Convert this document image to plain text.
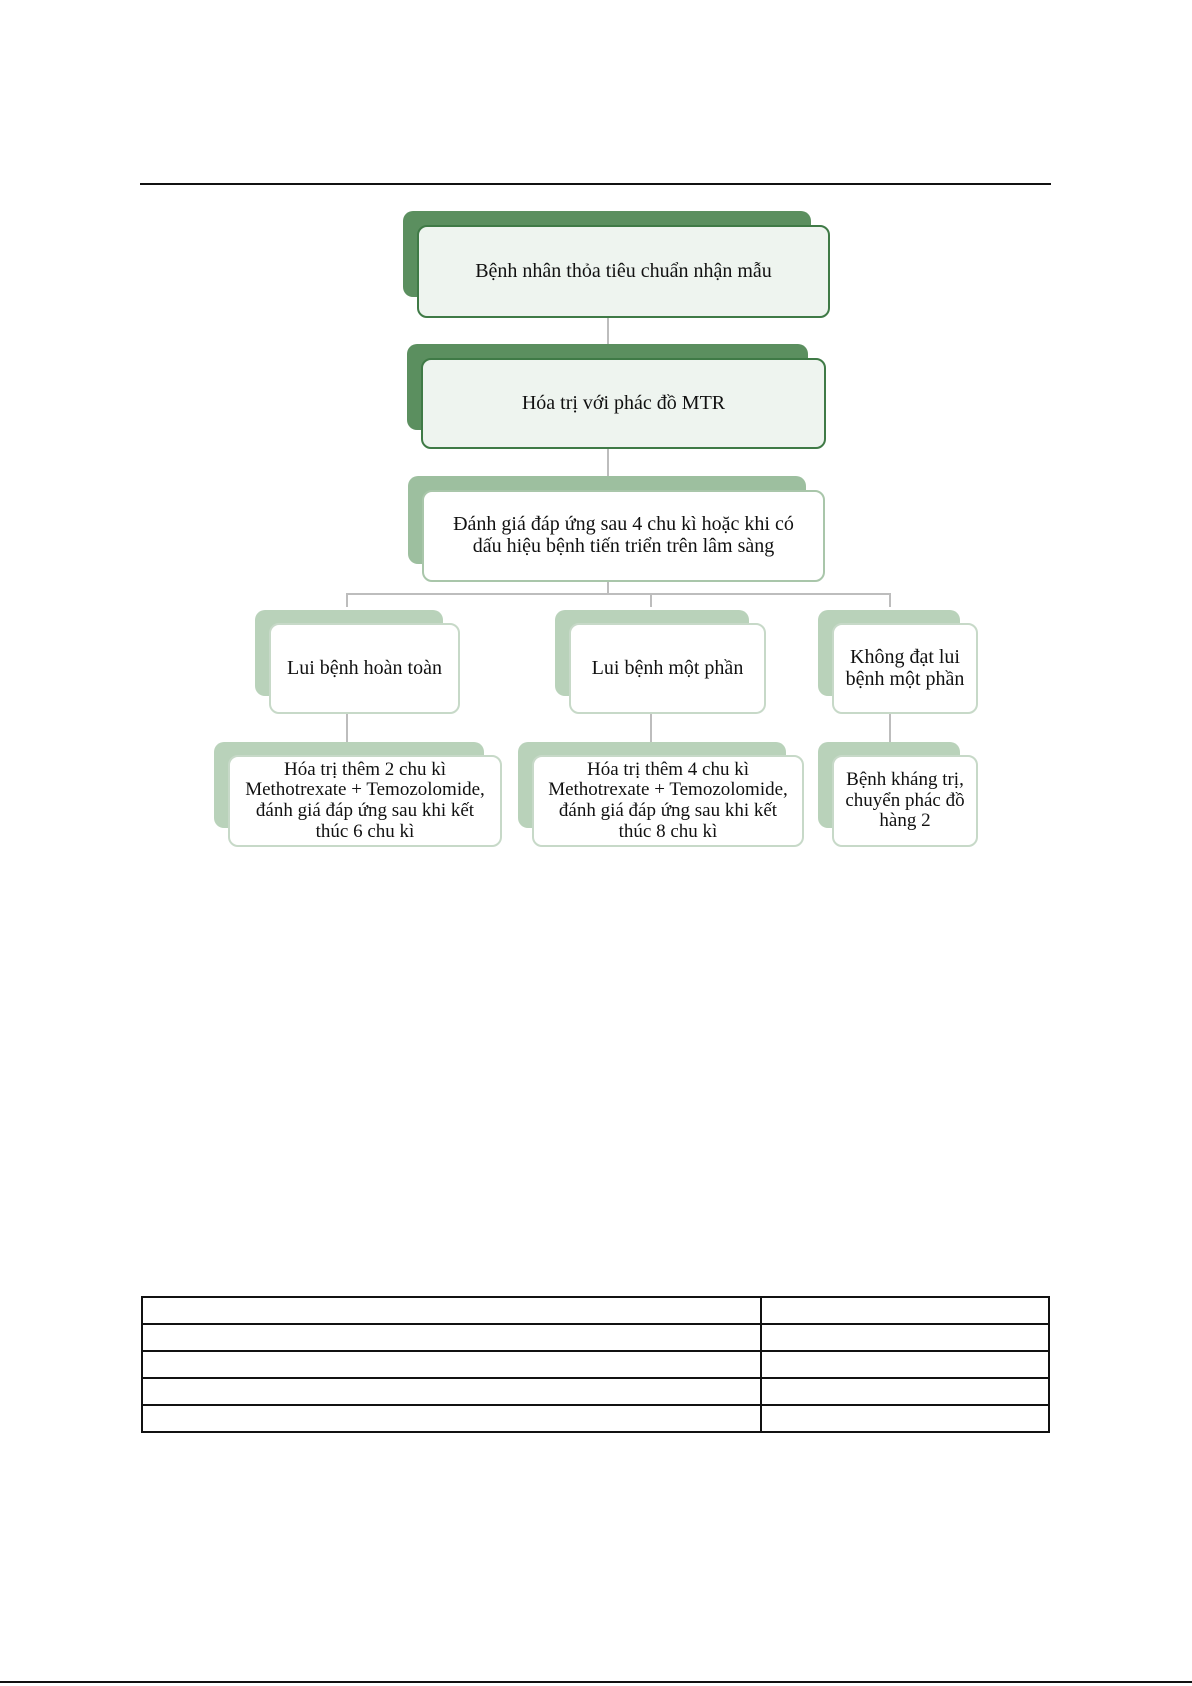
Bệnh nhân thỏa tiêu chuẩn nhận mẫu
Hóa trị với phác đồ MTR
Đánh giá đáp ứng sau 4 chu kì hoặc khi có dấu hiệu bệnh tiến triển trên lâm sàng
Lui bệnh hoàn toàn	Lui bệnh một phần	Không đạt lui bệnh một phần
Hóa trị thêm 2 chu kì Methotrexate + Temozolomide, đánh giá đáp ứng sau khi kết thúc 6 chu kì
Hóa trị thêm 4 chu kì Methotrexate + Temozolomide, đánh giá đáp ứng sau khi kết thúc 8 chu kì
Bệnh kháng trị, chuyển phác đồ hàng 2
